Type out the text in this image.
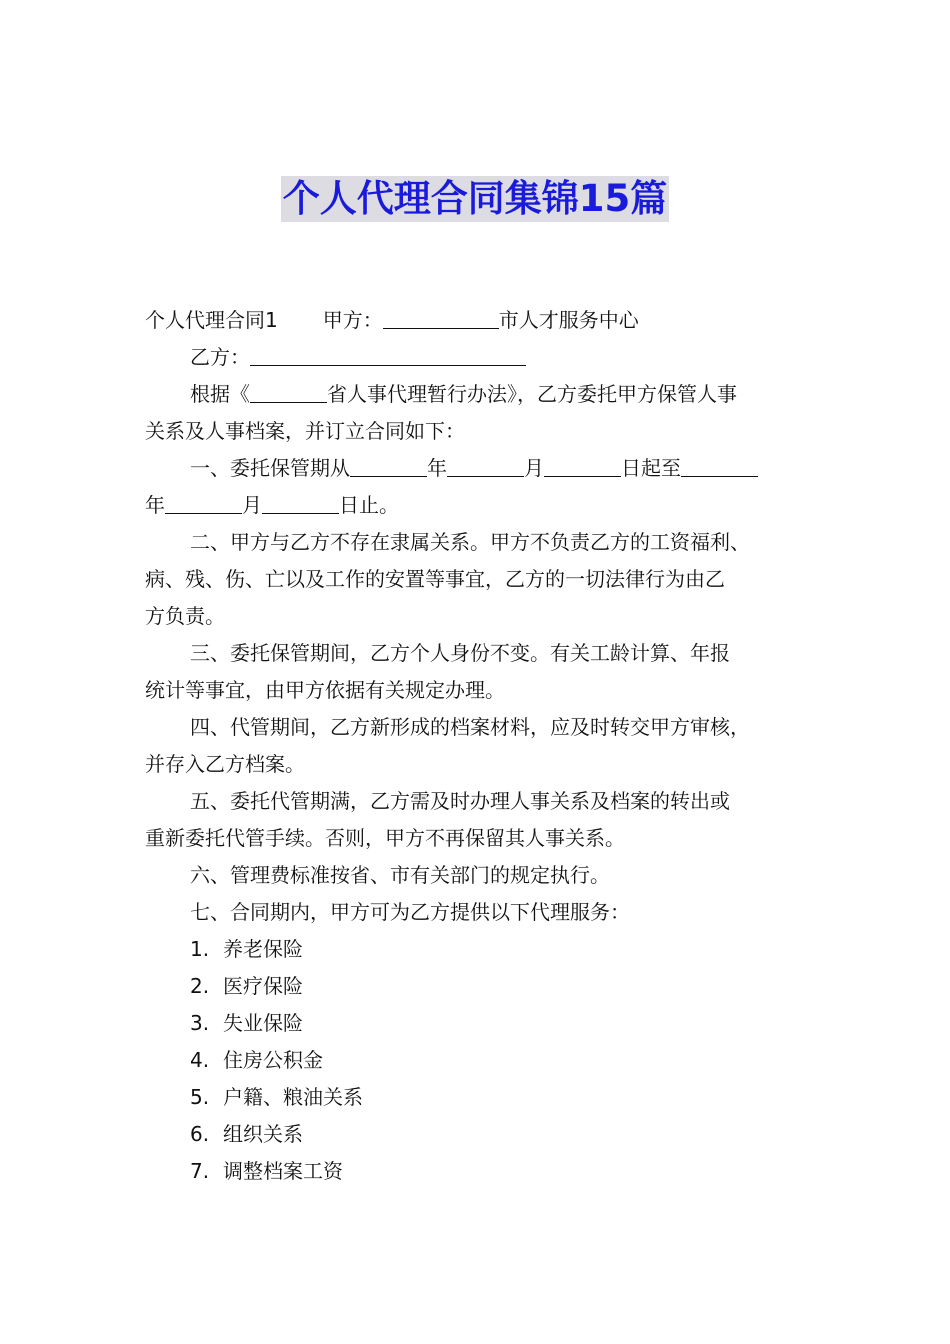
个人代理合同集锦15篇

个人代理合同1 甲方：	市人才服务中心

乙方：

根据《	省人事代理暂行办法》，乙方委托甲方保管人事

关系及人事档案，并订立合同如下：

一、委托保管期从	年	月	日起至

年	月	日止。

二、甲方与乙方不存在隶属关系。甲方不负责乙方的工资福利、

病、残、伤、亡以及工作的安置等事宜，乙方的一切法律行为由乙

方负责。

三、委托保管期间，乙方个人身份不变。有关工龄计算、年报

统计等事宜，由甲方依据有关规定办理。

四、代管期间，乙方新形成的档案材料，应及时转交甲方审核，

并存入乙方档案。

五、委托代管期满，乙方需及时办理人事关系及档案的转出或

重新委托代管手续。否则，甲方不再保留其人事关系。

六、管理费标准按省、市有关部门的规定执行。

七、合同期内，甲方可为乙方提供以下代理服务：

1. 养老保险

2. 医疗保险

3. 失业保险

4. 住房公积金

5. 户籍、粮油关系

6. 组织关系

7. 调整档案工资
